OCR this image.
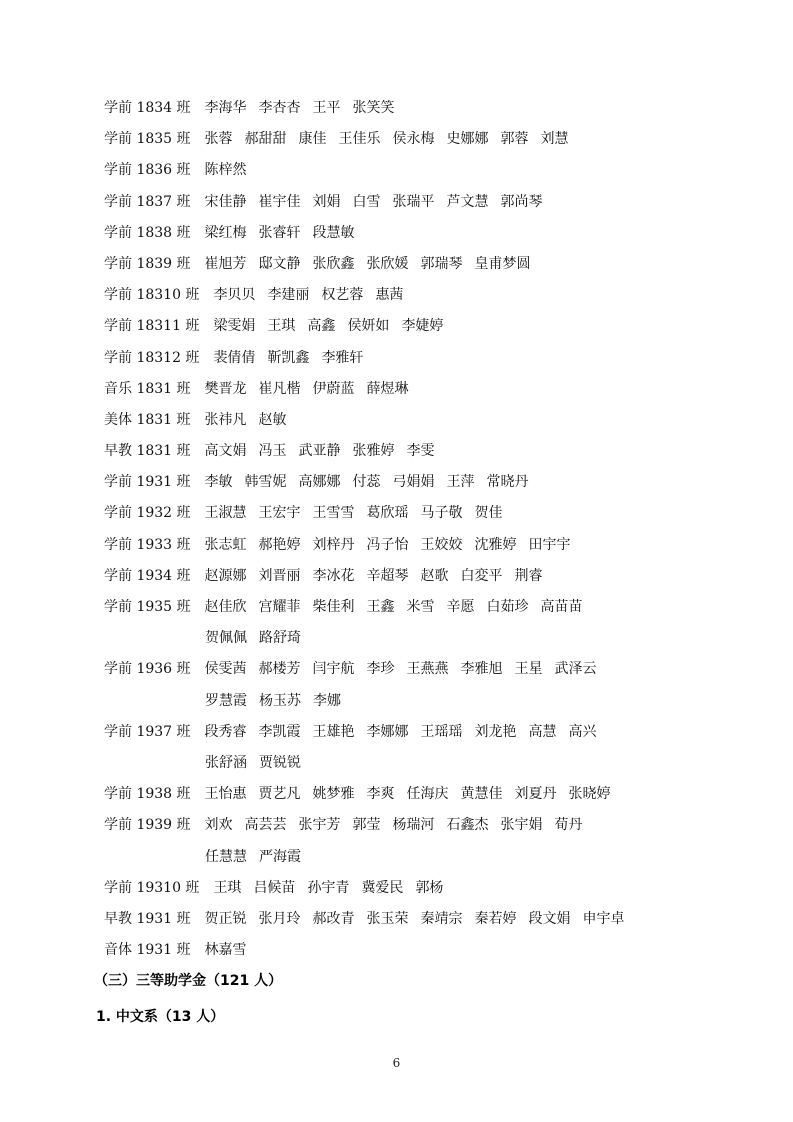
学前 1834 班 李海华 李杏杏 王平 张笑笑
学前 1835 班 张蓉 郝甜甜 康佳 王佳乐 侯永梅 史娜娜 郭蓉 刘慧
学前 1836 班 陈梓然
学前 1837 班 宋佳静 崔宇佳 刘娟 白雪 张瑞平 芦文慧 郭尚琴
学前 1838 班 梁红梅 张睿轩 段慧敏
学前 1839 班 崔旭芳 邸文静 张欣鑫 张欣媛 郭瑞琴 皇甫梦圆
学前 18310 班 李贝贝 李建丽 权艺蓉 惠茜
学前 18311 班 梁雯娟 王琪 高鑫 侯妍如 李婕婷
学前 18312 班 裴倩倩 靳凯鑫 李雅轩
音乐 1831 班 樊晋龙 崔凡楷 伊蔚蓝 薛煜琳
美体 1831 班 张祎凡 赵敏
早教 1831 班 高文娟 冯玉 武亚静 张雅婷 李雯
学前 1931 班 李敏 韩雪妮 高娜娜 付蕊 弓娟娟 王萍 常晓丹
学前 1932 班 王淑慧 王宏宇 王雪雪 葛欣瑶 马子敬 贺佳
学前 1933 班 张志虹 郝艳婷 刘梓丹 冯子怡 王姣姣 沈雅婷 田宇宇
学前 1934 班 赵源娜 刘晋丽 李冰花 辛超琴 赵歌 白変平 荆睿
学前 1935 班 赵佳欣 宫耀菲 柴佳利 王鑫 米雪 辛愿 白茹珍 高苗苗
贺佩佩 路舒琦
学前 1936 班 侯雯茜 郝楼芳 闫宇航 李珍 王燕燕 李雅旭 王星 武泽云
罗慧霞 杨玉苏 李娜
学前 1937 班 段秀睿 李凯霞 王雄艳 李娜娜 王瑶瑶 刘龙艳 高慧 高兴
张舒涵 贾锐锐
学前 1938 班 王怡惠 贾艺凡 姚梦雅 李爽 任海庆 黄慧佳 刘夏丹 张晓婷
学前 1939 班 刘欢 高芸芸 张宇芳 郭莹 杨瑞河 石鑫杰 张宇娟 荀丹
任慧慧 严海霞
学前 19310 班 王琪 吕候苗 孙宇青 冀爱民 郭杨
早教 1931 班 贺正锐 张月玲 郝改青 张玉荣 秦靖宗 秦若婷 段文娟 申宇卓
音体 1931 班 林嘉雪
（三）三等助学金（121 人）
1. 中文系（13 人）
6
